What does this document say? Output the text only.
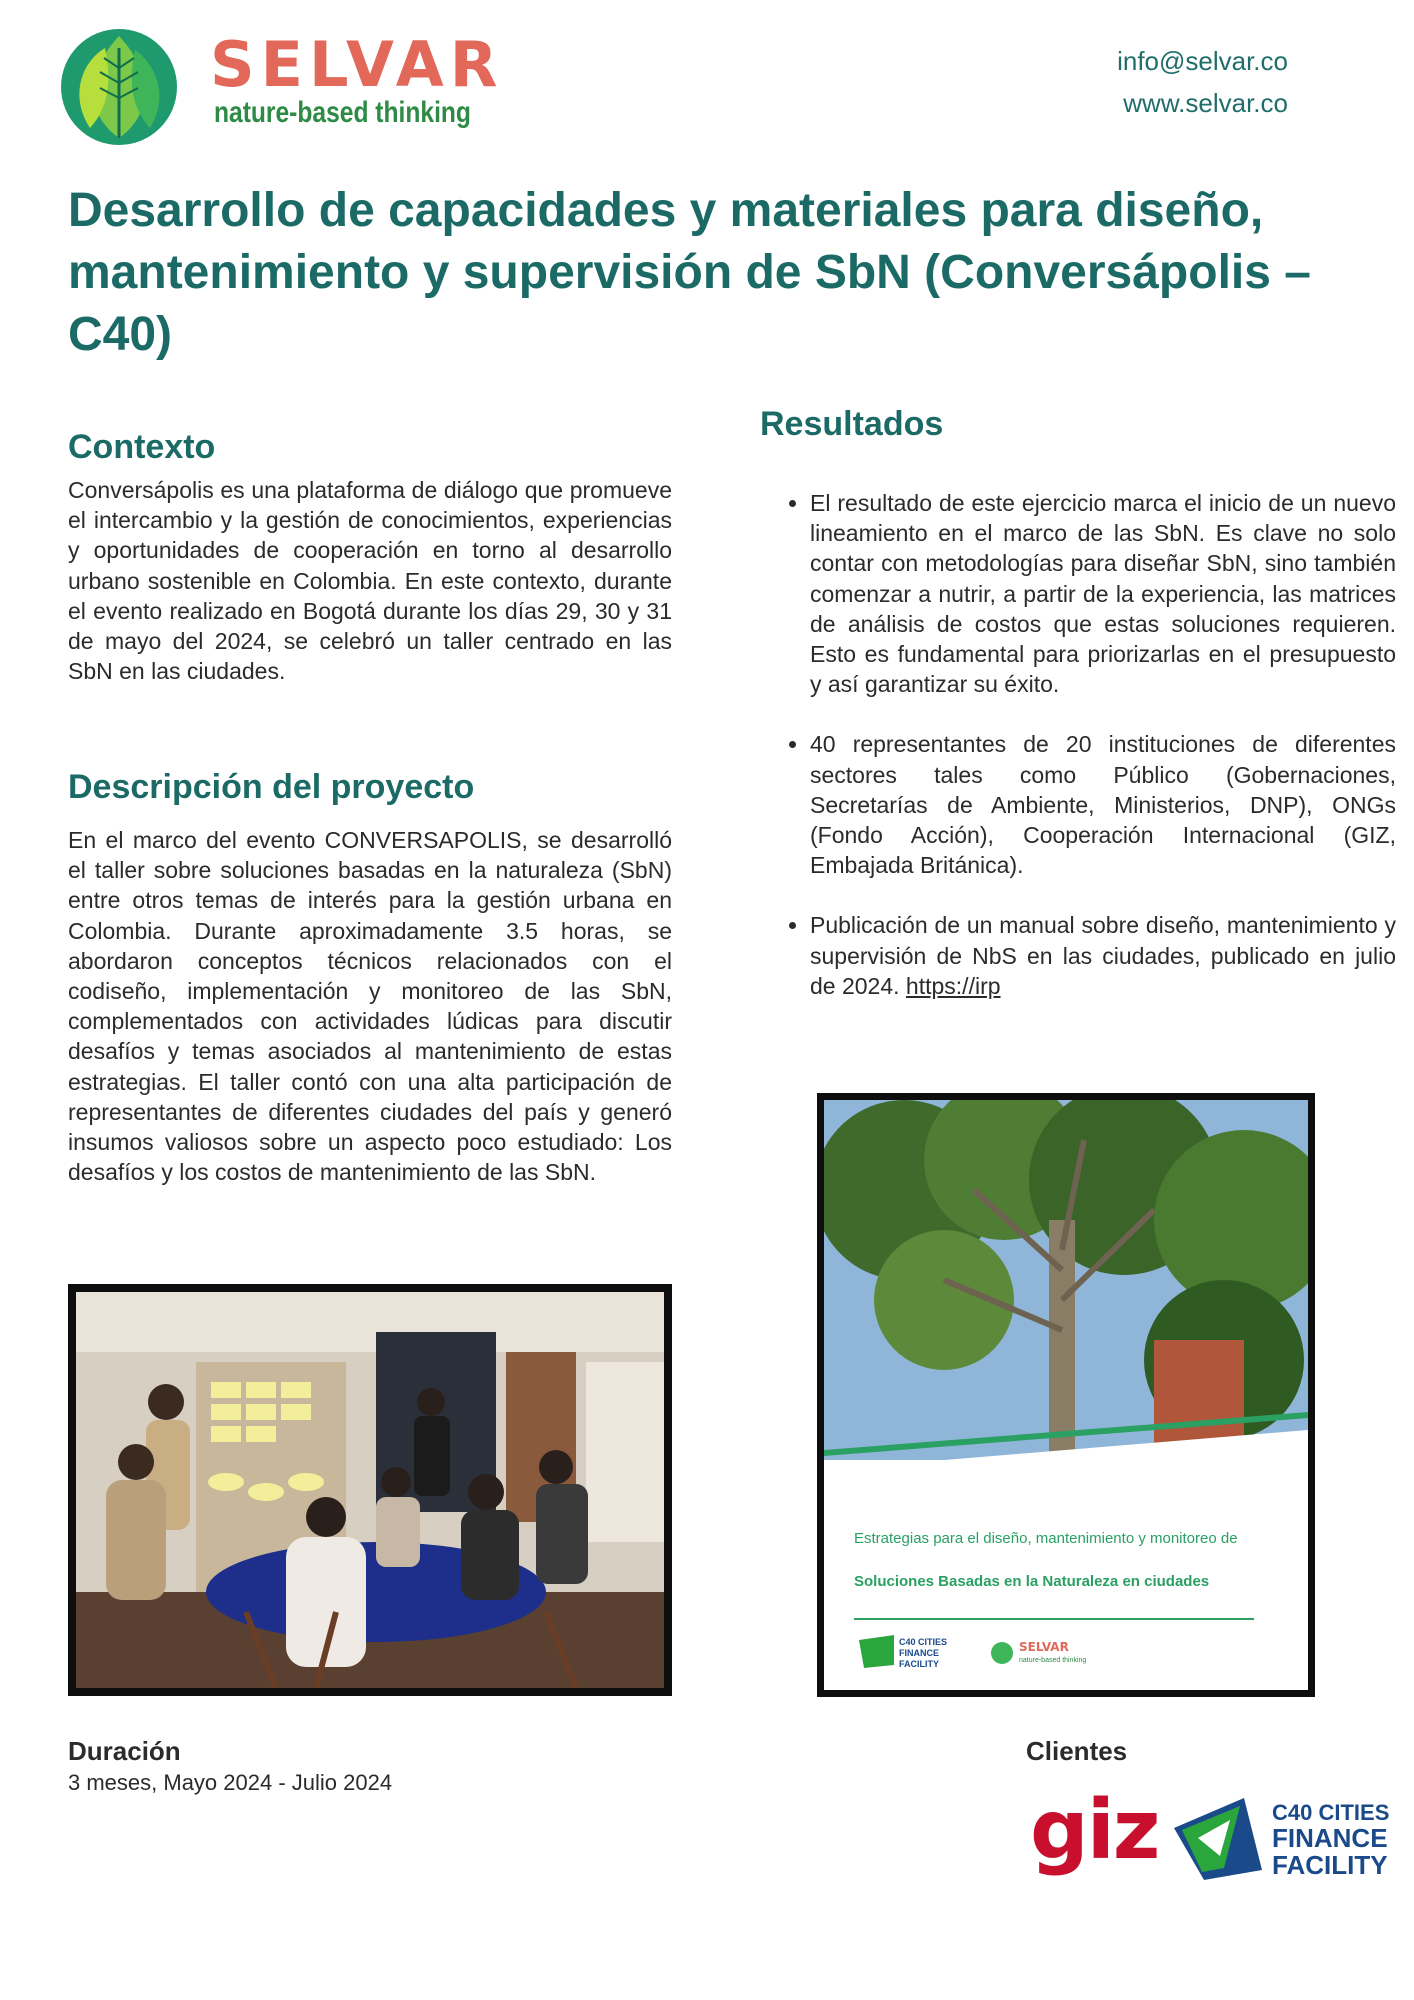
SELVAR
nature-based thinking
info@selvar.co
www.selvar.co
Desarrollo de capacidades y materiales para diseño, mantenimiento y supervisión de SbN (Conversápolis – C40)
Contexto

Conversápolis es una plataforma de diálogo que promueve el intercambio y la gestión de conocimientos, experiencias y oportunidades de cooperación en torno al desarrollo urbano sostenible en Colombia. En este contexto, durante el evento realizado en Bogotá durante los días 29, 30 y 31 de mayo del 2024, se celebró un taller centrado en las SbN en las ciudades.

Descripción del proyecto

En el marco del evento CONVERSAPOLIS, se desarrolló el taller sobre soluciones basadas en la naturaleza (SbN) entre otros temas de interés para la gestión urbana en Colombia. Durante aproximadamente 3.5 horas, se abordaron conceptos técnicos relacionados con el codiseño, implementación y monitoreo de las SbN, complementados con actividades lúdicas para discutir desafíos y temas asociados al mantenimiento de estas estrategias. El taller contó con una alta participación de representantes de diferentes ciudades del país y generó insumos valiosos sobre un aspecto poco estudiado: Los desafíos y los costos de mantenimiento de las SbN.

Resultados
• El resultado de este ejercicio marca el inicio de un nuevo lineamiento en el marco de las SbN. Es clave no solo contar con metodologías para diseñar SbN, sino también comenzar a nutrir, a partir de la experiencia, las matrices de análisis de costos que estas soluciones requieren. Esto es fundamental para priorizarlas en el presupuesto y así garantizar su éxito.
• 40 representantes de 20 instituciones de diferentes sectores tales como Público (Gobernaciones, Secretarías de Ambiente, Ministerios, DNP), ONGs (Fondo Acción), Cooperación Internacional (GIZ, Embajada Británica).
• Publicación de un manual sobre diseño, mantenimiento y supervisión de NbS en las ciudades, publicado en julio de 2024. https://irp
Estrategias para el diseño, mantenimiento y monitoreo de
Soluciones Basadas en la Naturaleza en ciudades
C40 CITIES
FINANCE
FACILITY
SELVAR
nature-based thinking
Duración
3 meses, Mayo 2024 - Julio 2024
Clientes
giz	C40 CITIES
FINANCE
FACILITY
